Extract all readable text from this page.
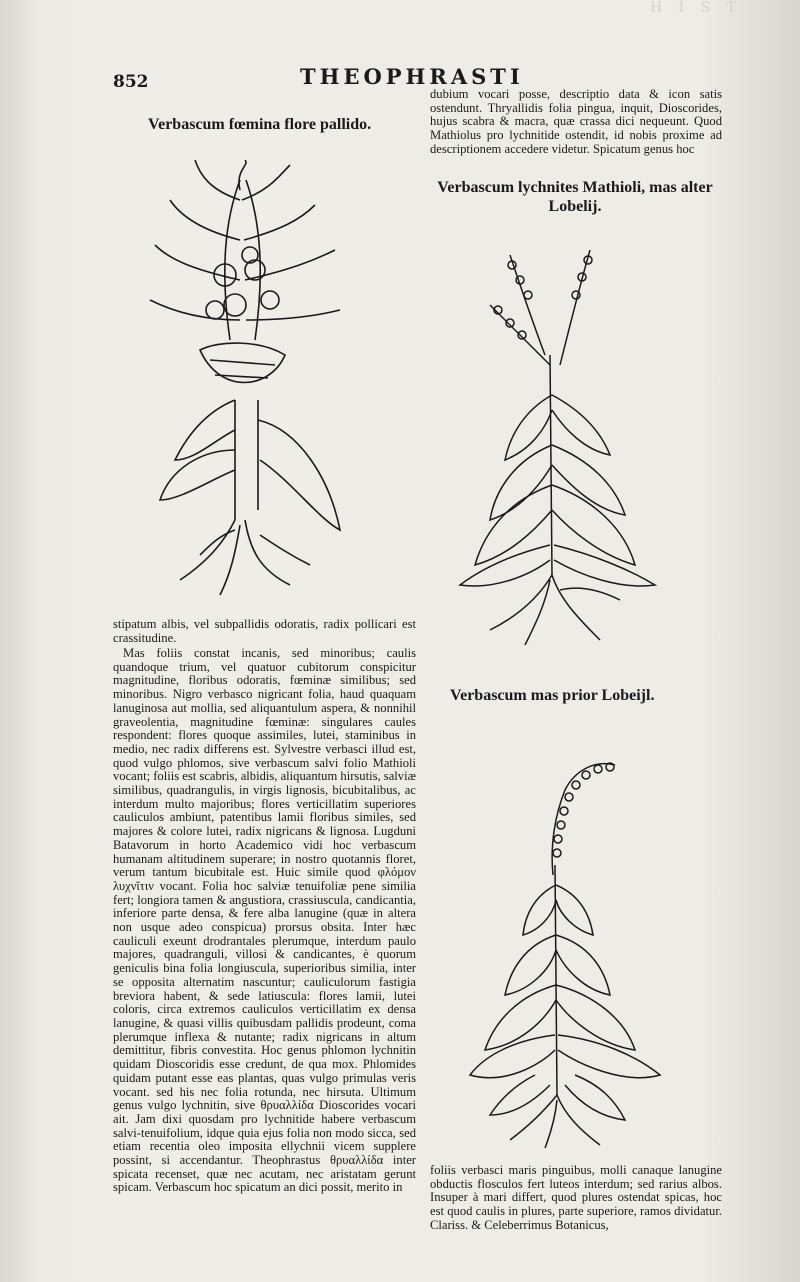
H I S T
852	THEOPHRASTI
Verbascum fœmina flore pallido.
dubium vocari posse, descriptio data & icon satis ostendunt. Thryallidis folia pingua, inquit, Dioscorides, hujus scabra & macra, quæ crassa dici nequeunt. Quod Mathiolus pro lychnitide ostendit, id nobis proxime ad descriptionem accedere videtur. Spicatum genus hoc
Verbascum lychnites Mathioli, mas alter Lobelij.
Verbascum mas prior Lobeijl.
stipatum albis, vel subpallidis odoratis, radix pollicari est crassitudine.
Mas foliis constat incanis, sed minoribus; caulis quandoque trium, vel quatuor cubitorum conspicitur magnitudine, floribus odoratis, fœminæ similibus; sed minoribus. Nigro verbasco nigricant folia, haud quaquam lanuginosa aut mollia, sed aliquantulum aspera, & nonnihil graveolentia, magnitudine fœminæ: singulares caules respondent: flores quoque assimiles, lutei, staminibus in medio, nec radix differens est. Sylvestre verbasci illud est, quod vulgo phlomos, sive verbascum salvi folio Mathioli vocant; foliis est scabris, albidis, aliquantum hirsutis, salviæ similibus, quadrangulis, in virgis lignosis, bicubitalibus, ac interdum multo majoribus; flores verticillatim superiores cauliculos ambiunt, patentibus lamii floribus similes, sed majores & colore lutei, radix nigricans & lignosa. Lugduni Batavorum in horto Academico vidi hoc verbascum humanam altitudinem superare; in nostro quotannis floret, verum tantum bicubitale est. Huic simile quod φλόμον λυχνῖτιν vocant. Folia hoc salviæ tenuifoliæ pene similia fert; longiora tamen & angustiora, crassiuscula, candicantia, inferiore parte densa, & fere alba lanugine (quæ in altera non usque adeo conspicua) prorsus obsita. Inter hæc cauliculi exeunt drodrantales plerumque, interdum paulo majores, quadranguli, villosi & candicantes, è quorum geniculis bina folia longiuscula, superioribus similia, inter se opposita alternatim nascuntur; cauliculorum fastigia breviora habent, & sede latiuscula: flores lamii, lutei coloris, circa extremos cauliculos verticillatim ex densa lanugine, & quasi villis quibusdam pallidis prodeunt, coma plerumque inflexa & nutante; radix nigricans in altum demittitur, fibris convestita. Hoc genus phlomon lychnitin quidam Dioscoridis esse credunt, de qua mox. Phlomides quidam putant esse eas plantas, quas vulgo primulas veris vocant. sed his nec folia rotunda, nec hirsuta. Ultimum genus vulgo lychnitin, sive θρυαλλίδα Dioscorides vocari ait. Jam dixi quosdam pro lychnitide habere verbascum salvi-tenuifolium, idque quia ejus folia non modo sicca, sed etiam recentia oleo imposita ellychnii vicem supplere possint, si accendantur. Theophrastus θρυαλλίδα inter spicata recenset, quæ nec acutam, nec aristatam gerunt spicam. Verbascum hoc spicatum an dici possit, merito in
foliis verbasci maris pinguibus, molli canaque lanugine obductis flosculos fert luteos interdum; sed rarius albos. Insuper à mari differt, quod plures ostendat spicas, hoc est quod caulis in plures, parte superiore, ramos dividatur. Clariss. & Celeberrimus Botanicus,
